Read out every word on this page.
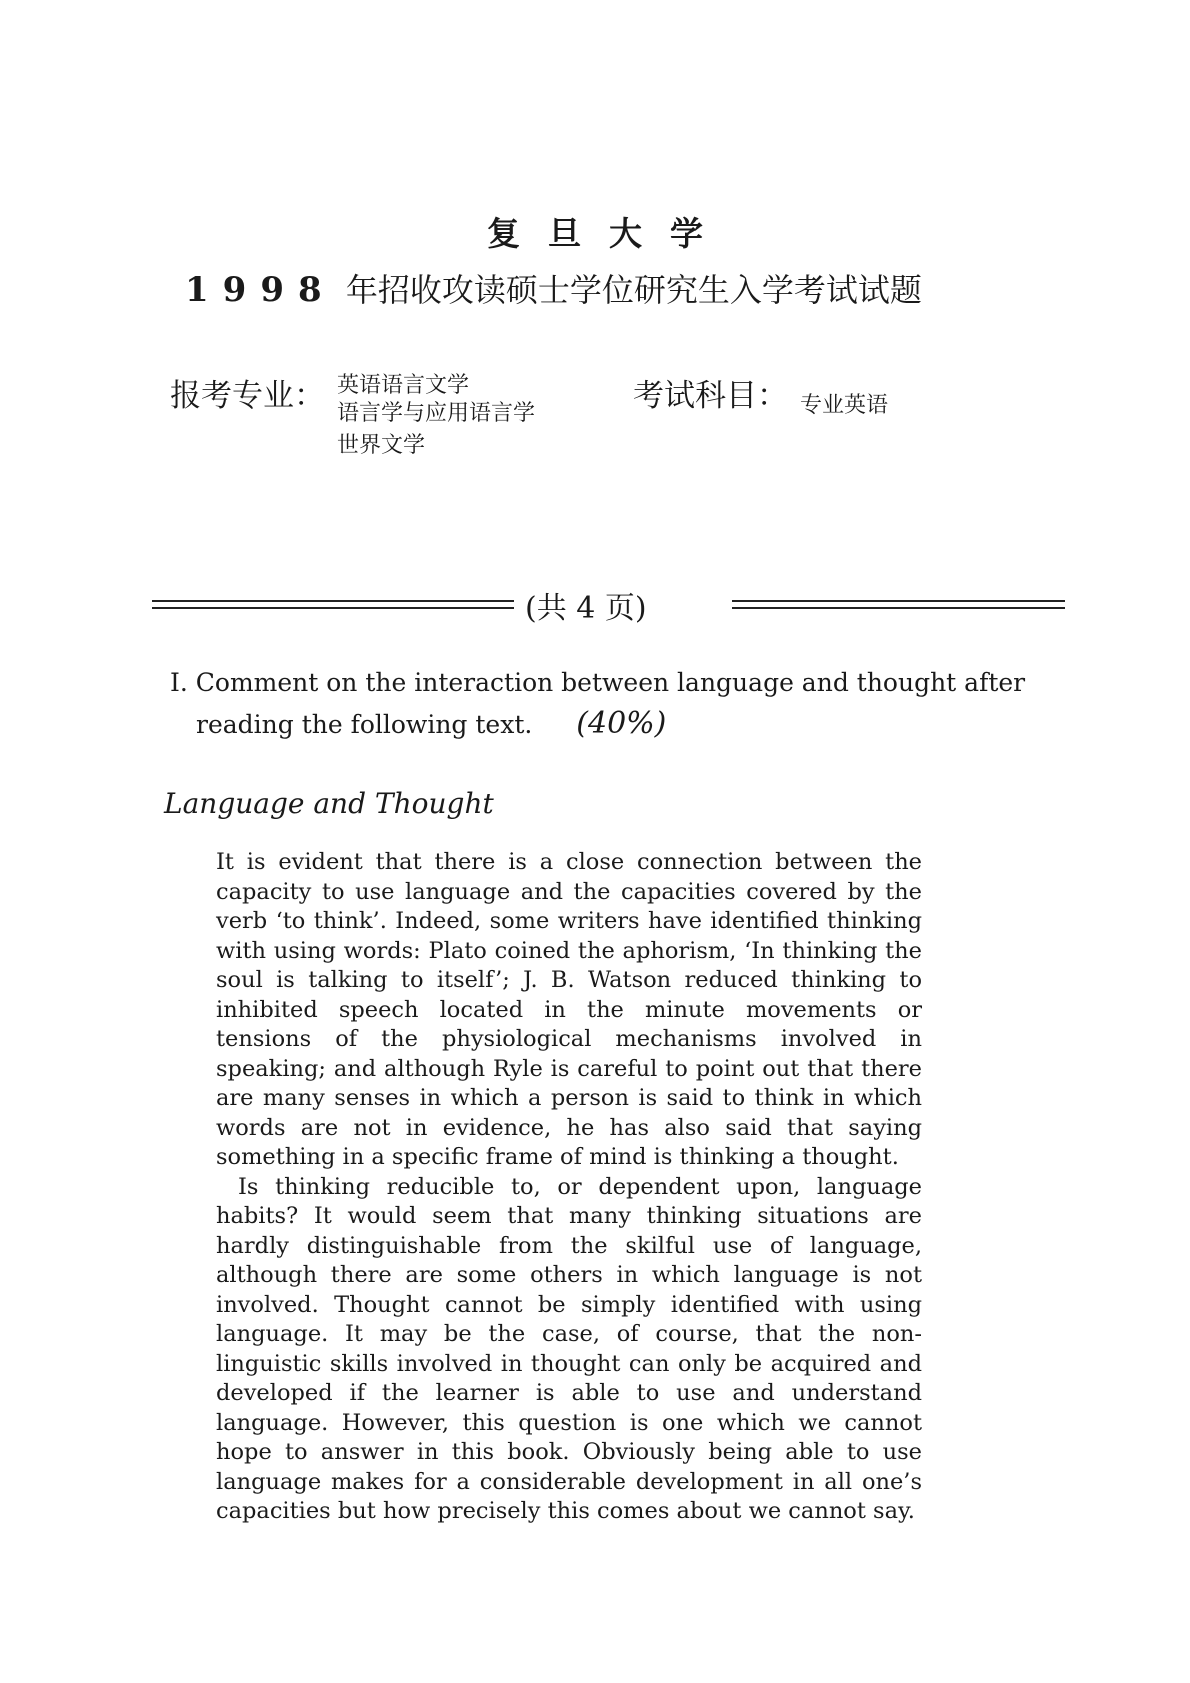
复旦大学
1998 年招收攻读硕士学位研究生入学考试试题
报考专业： 英语语言文学
语言学与应用语言学
世界文学
考试科目： 专业英语
(共 4 页)
I. Comment on the interaction between language and thought after
reading the following text. (40%)
Language and Thought

It is evident that there is a close connection between the capacity to use language and the capacities covered by the verb ‘to think’. Indeed, some writers have identified thinking with using words: Plato coined the aphorism, ‘In thinking the soul is talking to itself’; J. B. Watson reduced thinking to inhibited speech located in the minute movements or tensions of the physiological mechanisms involved in speaking; and although Ryle is careful to point out that there are many senses in which a person is said to think in which words are not in evidence, he has also said that saying something in a specific frame of mind is thinking a thought.

Is thinking reducible to, or dependent upon, language habits? It would seem that many thinking situations are hardly distinguishable from the skilful use of language, although there are some others in which language is not involved. Thought cannot be simply identified with using language. It may be the case, of course, that the non-linguistic skills involved in thought can only be acquired and developed if the learner is able to use and understand language. However, this question is one which we cannot hope to answer in this book. Obviously being able to use language makes for a considerable development in all one’s capacities but how precisely this comes about we cannot say.
